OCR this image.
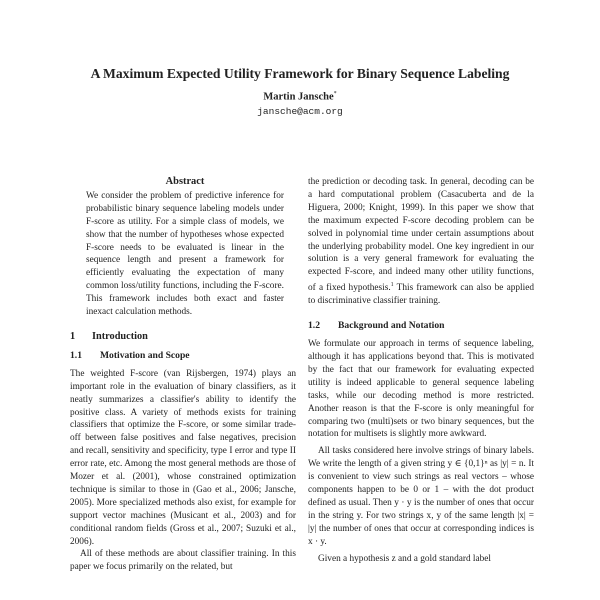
A Maximum Expected Utility Framework for Binary Sequence Labeling
Martin Jansche*
jansche@acm.org
Abstract

We consider the problem of predictive inference for probabilistic binary sequence labeling models under F-score as utility. For a simple class of models, we show that the number of hypotheses whose expected F-score needs to be evaluated is linear in the sequence length and present a framework for efficiently evaluating the expectation of many common loss/utility functions, including the F-score. This framework includes both exact and faster inexact calculation methods.

1 Introduction
1.1 Motivation and Scope

The weighted F-score (van Rijsbergen, 1974) plays an important role in the evaluation of binary classifiers, as it neatly summarizes a classifier's ability to identify the positive class. A variety of methods exists for training classifiers that optimize the F-score, or some similar trade-off between false positives and false negatives, precision and recall, sensitivity and specificity, type I error and type II error rate, etc. Among the most general methods are those of Mozer et al. (2001), whose constrained optimization technique is similar to those in (Gao et al., 2006; Jansche, 2005). More specialized methods also exist, for example for support vector machines (Musicant et al., 2003) and for conditional random fields (Gross et al., 2007; Suzuki et al., 2006).

All of these methods are about classifier training. In this paper we focus primarily on the related, but

the prediction or decoding task. In general, decoding can be a hard computational problem (Casacuberta and de la Higuera, 2000; Knight, 1999). In this paper we show that the maximum expected F-score decoding problem can be solved in polynomial time under certain assumptions about the underlying probability model. One key ingredient in our solution is a very general framework for evaluating the expected F-score, and indeed many other utility functions, of a fixed hypothesis.$^1$ This framework can also be applied to discriminative classifier training.

1.2 Background and Notation

We formulate our approach in terms of sequence labeling, although it has applications beyond that. This is motivated by the fact that our framework for evaluating expected utility is indeed applicable to general sequence labeling tasks, while our decoding method is more restricted. Another reason is that the F-score is only meaningful for comparing two (multi)sets or two binary sequences, but the notation for multisets is slightly more awkward.

All tasks considered here involve strings of binary labels. We write the length of a given string y ∈ {0,1}ⁿ as |y| = n. It is convenient to view such strings as real vectors – whose components happen to be 0 or 1 – with the dot product defined as usual. Then y · y is the number of ones that occur in the string y. For two strings x, y of the same length |x| = |y| the number of ones that occur at corresponding indices is x · y.

Given a hypothesis z and a gold standard label
